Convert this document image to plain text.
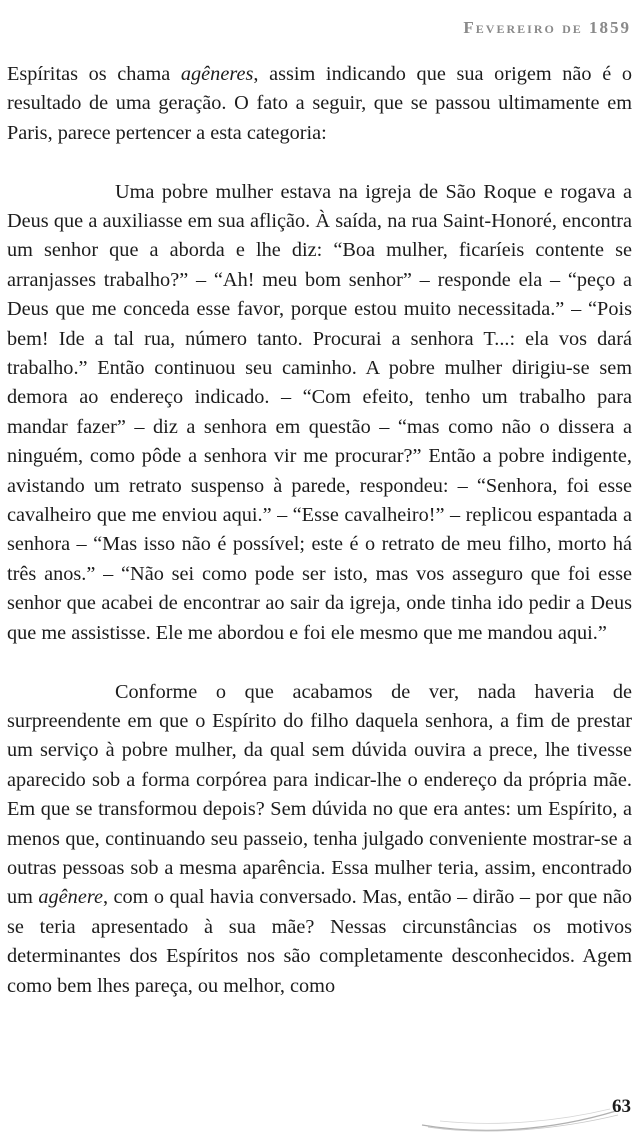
Fevereiro de 1859

Espíritas os chama agêneres, assim indicando que sua origem não é o resultado de uma geração. O fato a seguir, que se passou ultimamente em Paris, parece pertencer a esta categoria:

Uma pobre mulher estava na igreja de São Roque e rogava a Deus que a auxiliasse em sua aflição. À saída, na rua Saint-Honoré, encontra um senhor que a aborda e lhe diz: “Boa mulher, ficaríeis contente se arranjasses trabalho?” – “Ah! meu bom senhor” – responde ela – “peço a Deus que me conceda esse favor, porque estou muito necessitada.” – “Pois bem! Ide a tal rua, número tanto. Procurai a senhora T...: ela vos dará trabalho.” Então continuou seu caminho. A pobre mulher dirigiu-se sem demora ao endereço indicado. – “Com efeito, tenho um trabalho para mandar fazer” – diz a senhora em questão – “mas como não o dissera a ninguém, como pôde a senhora vir me procurar?” Então a pobre indigente, avistando um retrato suspenso à parede, respondeu: – “Senhora, foi esse cavalheiro que me enviou aqui.” – “Esse cavalheiro!” – replicou espantada a senhora – “Mas isso não é possível; este é o retrato de meu filho, morto há três anos.” – “Não sei como pode ser isto, mas vos asseguro que foi esse senhor que acabei de encontrar ao sair da igreja, onde tinha ido pedir a Deus que me assistisse. Ele me abordou e foi ele mesmo que me mandou aqui.”

Conforme o que acabamos de ver, nada haveria de surpreendente em que o Espírito do filho daquela senhora, a fim de prestar um serviço à pobre mulher, da qual sem dúvida ouvira a prece, lhe tivesse aparecido sob a forma corpórea para indicar-lhe o endereço da própria mãe. Em que se transformou depois? Sem dúvida no que era antes: um Espírito, a menos que, continuando seu passeio, tenha julgado conveniente mostrar-se a outras pessoas sob a mesma aparência. Essa mulher teria, assim, encontrado um agênere, com o qual havia conversado. Mas, então – dirão – por que não se teria apresentado à sua mãe? Nessas circunstâncias os motivos determinantes dos Espíritos nos são completamente desconhecidos. Agem como bem lhes pareça, ou melhor, como

63
